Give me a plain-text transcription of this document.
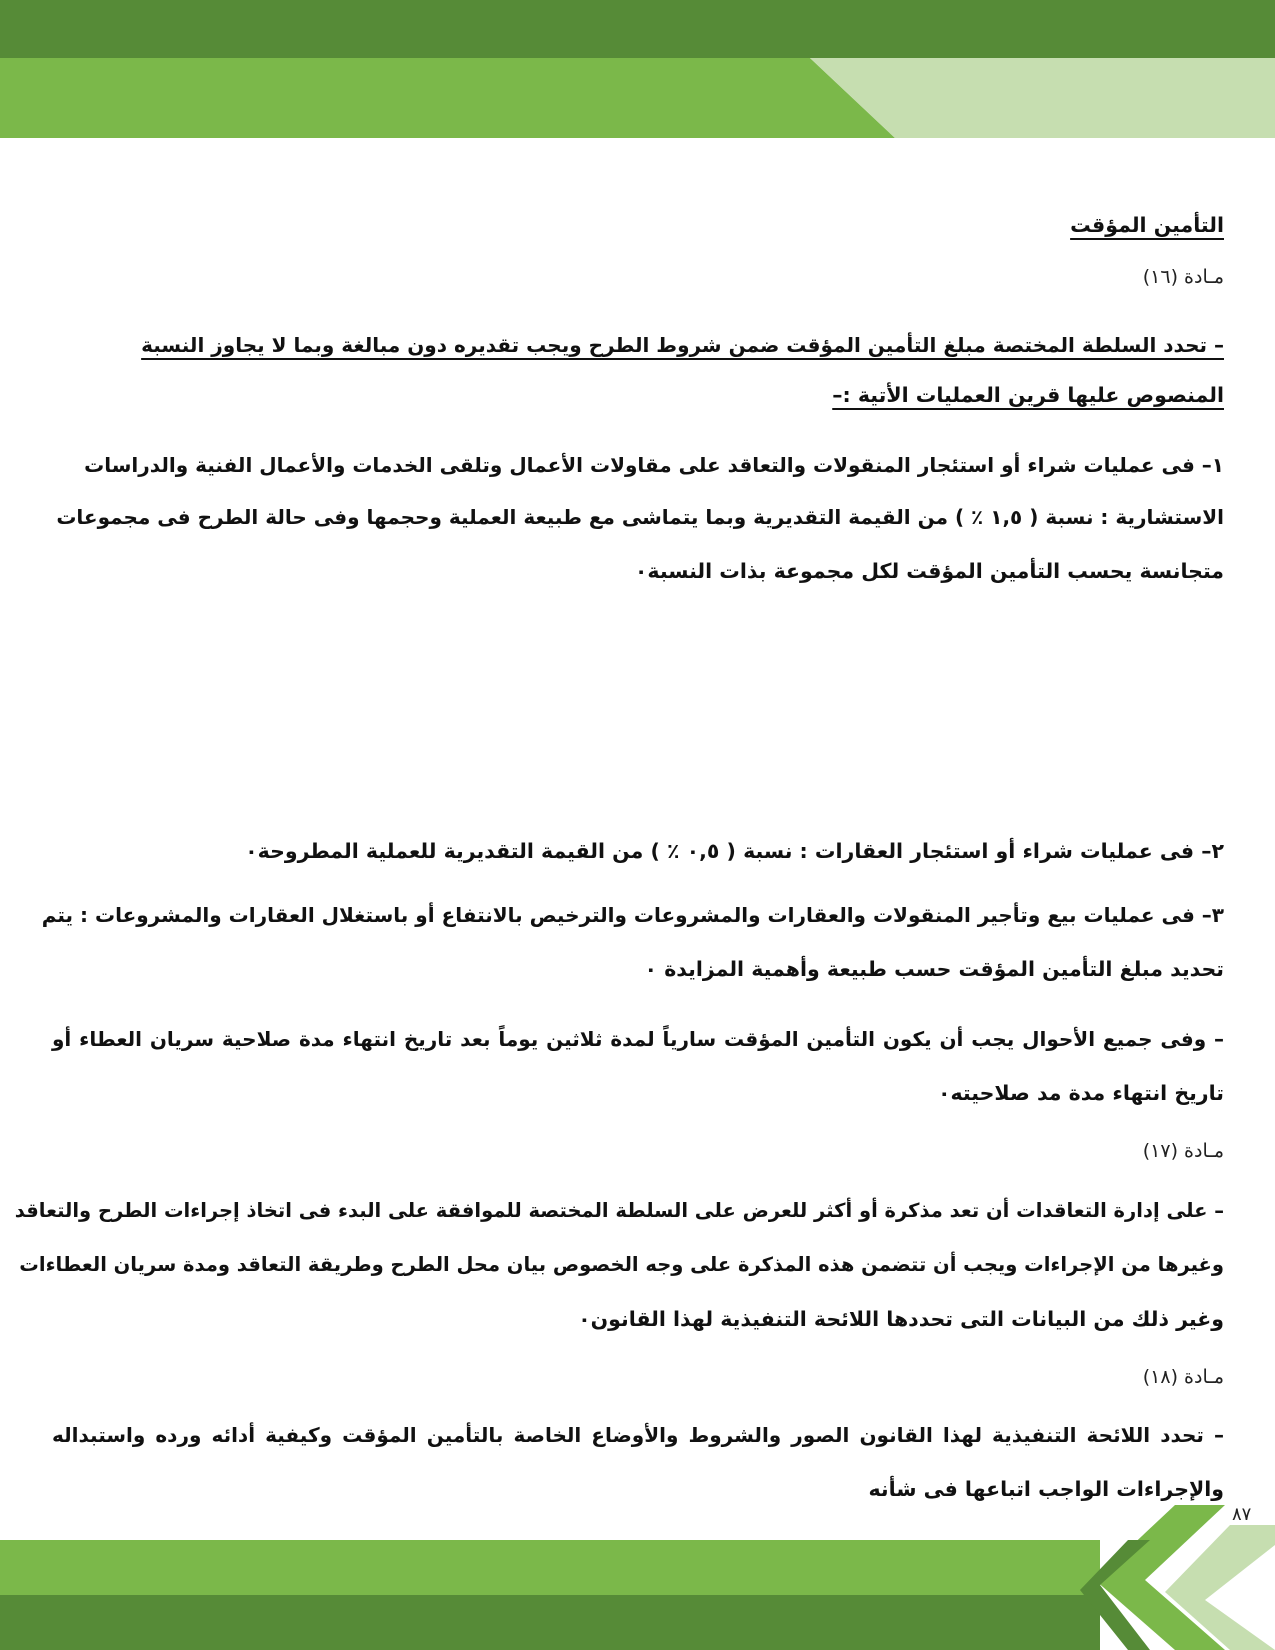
٨٧
التأمين المؤقت
مـادة (١٦)
– تحدد السلطة المختصة مبلغ التأمين المؤقت ضمن شروط الطرح ويجب تقديره دون مبالغة وبما لا يجاوز النسبة
المنصوص عليها قرين العمليات الأتية :–
١– فى عمليات شراء أو استئجار المنقولات والتعاقد على مقاولات الأعمال وتلقى الخدمات والأعمال الفنية والدراسات
الاستشارية : نسبة ( ١,٥ ٪ ) من القيمة التقديرية وبما يتماشى مع طبيعة العملية وحجمها وفى حالة الطرح فى مجموعات
متجانسة يحسب التأمين المؤقت لكل مجموعة بذات النسبة٠
٢– فى عمليات شراء أو استئجار العقارات : نسبة ( ٠,٥ ٪ ) من القيمة التقديرية للعملية المطروحة٠
٣– فى عمليات بيع وتأجير المنقولات والعقارات والمشروعات والترخيص بالانتفاع أو باستغلال العقارات والمشروعات : يتم
تحديد مبلغ التأمين المؤقت حسب طبيعة وأهمية المزايدة ٠
– وفى جميع الأحوال يجب أن يكون التأمين المؤقت سارياً لمدة ثلاثين يوماً بعد تاريخ انتهاء مدة صلاحية سريان العطاء أو
تاريخ انتهاء مدة مد صلاحيته٠
مـادة (١٧)
– على إدارة التعاقدات أن تعد مذكرة أو أكثر للعرض على السلطة المختصة للموافقة على البدء فى اتخاذ إجراءات الطرح والتعاقد
وغيرها من الإجراءات ويجب أن تتضمن هذه المذكرة على وجه الخصوص بيان محل الطرح وطريقة التعاقد ومدة سريان العطاءات
وغير ذلك من البيانات التى تحددها اللائحة التنفيذية لهذا القانون٠
مـادة (١٨)
– تحدد اللائحة التنفيذية لهذا القانون الصور والشروط والأوضاع الخاصة بالتأمين المؤقت وكيفية أدائه ورده واستبداله
والإجراءات الواجب اتباعها فى شأنه
